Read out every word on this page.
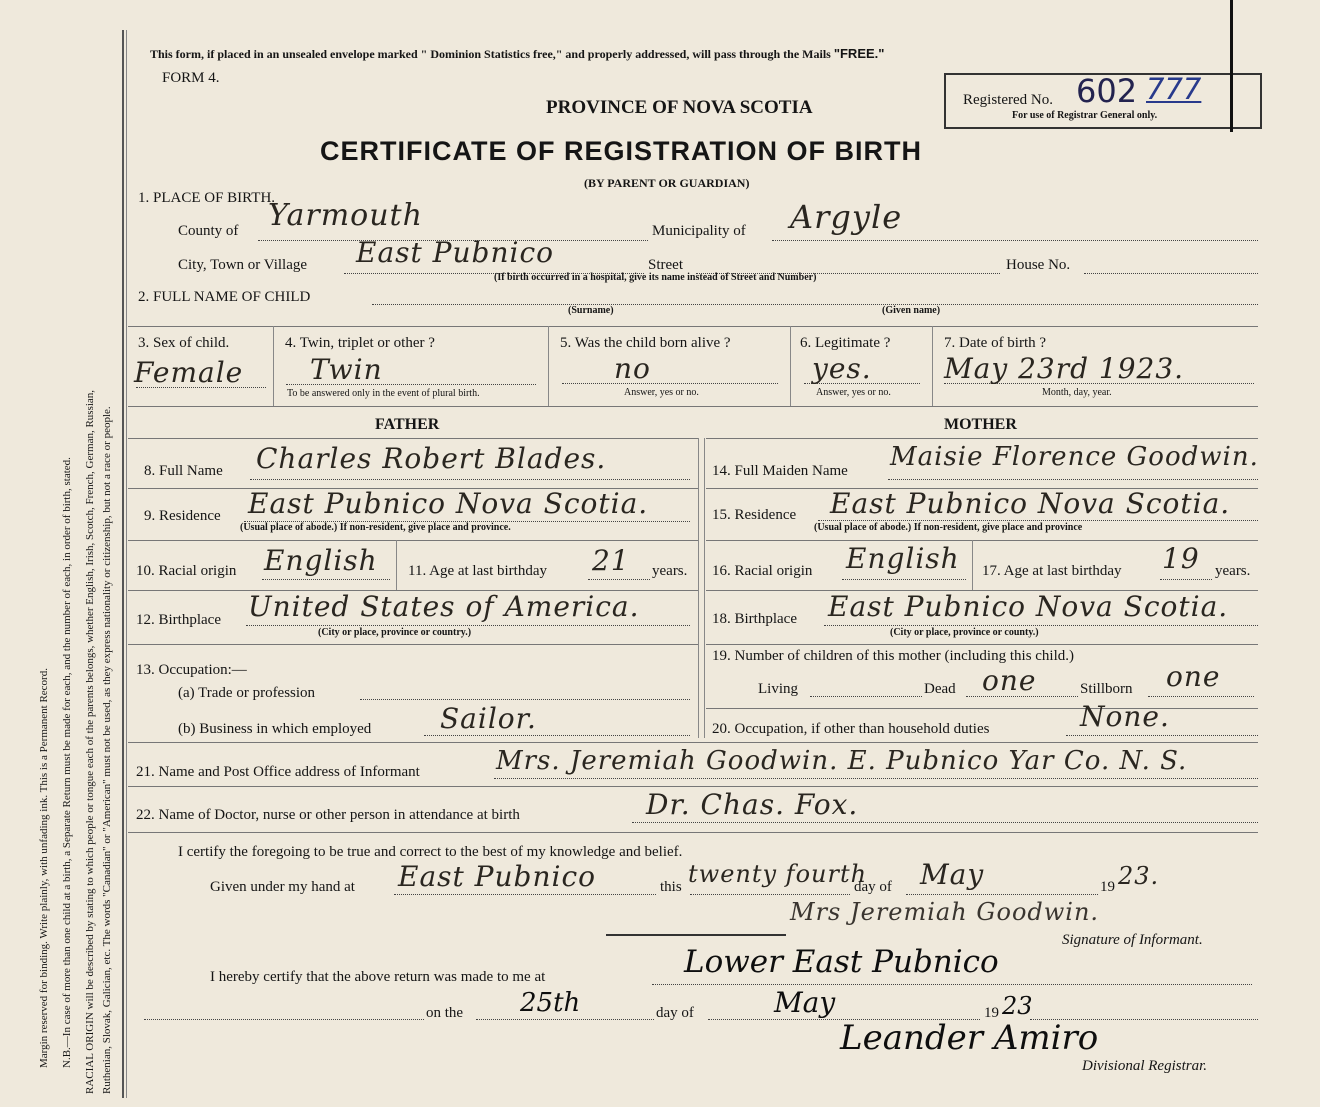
Margin reserved for binding. Write plainly, with unfading ink. This is a Permanent Record. N.B.—In case of more than one child at a birth, a Separate Return must be made for each, and the number of each, in order of birth, stated. RACIAL ORIGIN will be described by stating to which people or tongue each of the parents belongs, whether English, Irish, Scotch, French, German, Russian, Ruthenian, Slovak, Galician, etc. The words "Canadian" or "American" must not be used, as they express nationality or citizenship, but not a race or people.
This form, if placed in an unsealed envelope marked " Dominion Statistics free," and properly addressed, will pass through the Mails "FREE."
FORM 4.
PROVINCE OF NOVA SCOTIA	Registered No. 602 777
For use of Registrar General only.
CERTIFICATE OF REGISTRATION OF BIRTH
(BY PARENT OR GUARDIAN)
1. PLACE OF BIRTH.
County of Yarmouth	Municipality of Argyle
City, Town or Village East Pubnico	Street	House No.
(If birth occurred in a hospital, give its name instead of Street and Number)
2. FULL NAME OF CHILD
(Surname)	(Given name)
3. Sex of child.
Female
4. Twin, triplet or other ?
Twin
To be answered only in the event of plural birth.
5. Was the child born alive ?
no
Answer, yes or no.
6. Legitimate ?
yes.
Answer, yes or no.
7. Date of birth ?
May 23rd 1923.
Month, day, year.
FATHER	MOTHER
8. Full Name Charles Robert Blades.	14. Full Maiden Name Maisie Florence Goodwin.
9. Residence East Pubnico Nova Scotia.
(Usual place of abode.) If non-resident, give place and province.
15. Residence East Pubnico Nova Scotia.
(Usual place of abode.) If non-resident, give place and province
10. Racial origin English 11. Age at last birthday 21 years. 16. Racial origin English 17. Age at last birthday 19 years.
12. Birthplace United States of America.
(City or place, province or country.)
18. Birthplace East Pubnico Nova Scotia.
(City or place, province or county.)
13. Occupation:—
(a) Trade or profession
(b) Business in which employed Sailor.
19. Number of children of this mother (including this child.)
Living	Dead one	Stillborn one
20. Occupation, if other than household duties	None.
21. Name and Post Office address of Informant	Mrs. Jeremiah Goodwin. E. Pubnico Yar Co. N. S.
22. Name of Doctor, nurse or other person in attendance at birth	Dr. Chas. Fox.
I certify the foregoing to be true and correct to the best of my knowledge and belief.
Given under my hand at East Pubnico	this twenty fourth
day of May	19 23.
Mrs Jeremiah Goodwin.
Signature of Informant.
I hereby certify that the above return was made to me at	Lower East Pubnico
on the 25th	day of	May	19 23
Leander Amiro
Divisional Registrar.
